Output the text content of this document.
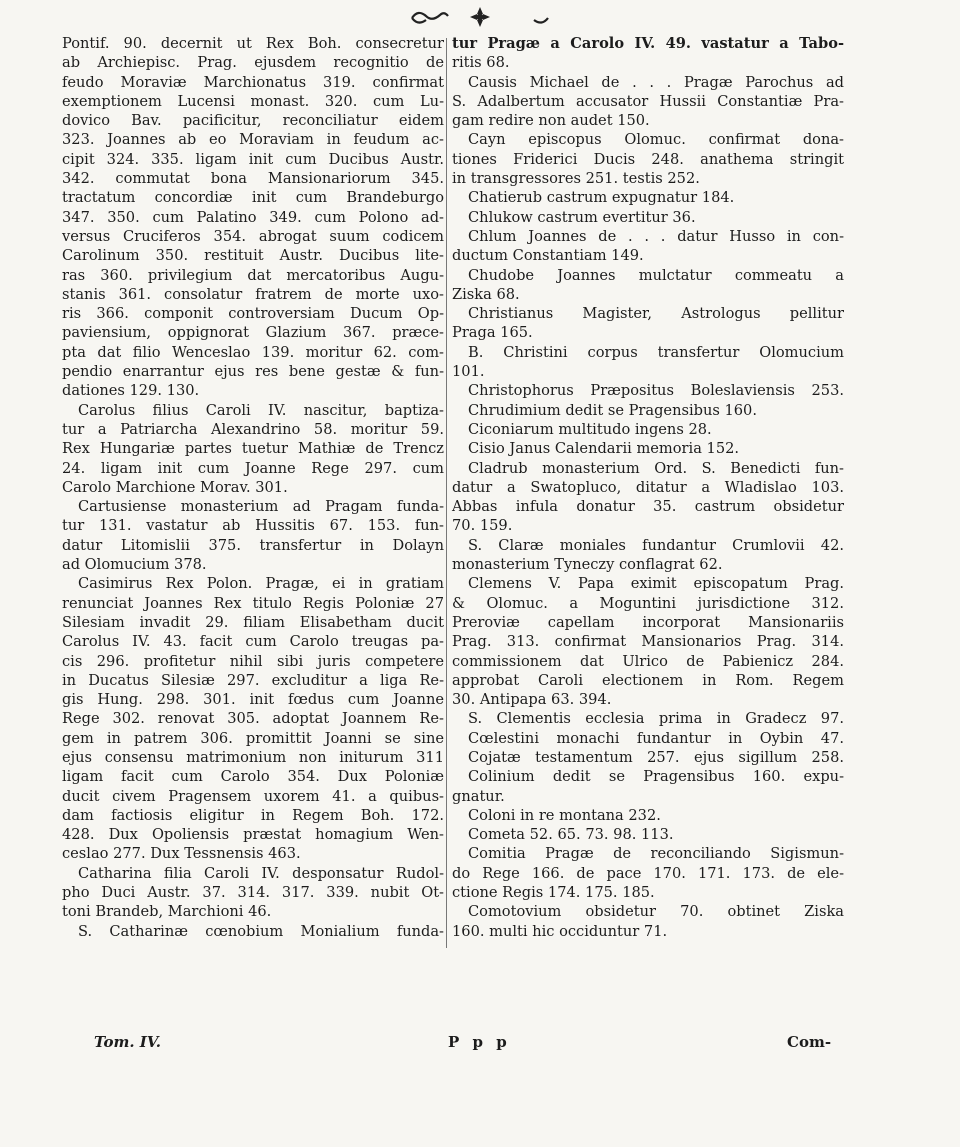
Pontif. 90. decernit ut Rex Boh. consecretur
ab Archiepisc. Prag. ejusdem recognitio de
feudo Moraviæ Marchionatus 319. confirmat
exemptionem Lucensi monast. 320. cum Lu-
dovico Bav. pacificitur, reconciliatur eidem
323. Joannes ab eo Moraviam in feudum ac-
cipit 324. 335. ligam init cum Ducibus Austr.
342. commutat bona Mansionariorum 345.
tractatum concordiæ init cum Brandeburgo
347. 350. cum Palatino 349. cum Polono ad-
versus Cruciferos 354. abrogat suum codicem
Carolinum 350. restituit Austr. Ducibus lite-
ras 360. privilegium dat mercatoribus Augu-
stanis 361. consolatur fratrem de morte uxo-
ris 366. componit controversiam Ducum Op-
paviensium, oppignorat Glazium 367. præce-
pta dat filio Wenceslao 139. moritur 62. com-
pendio enarrantur ejus res bene gestæ & fun-
dationes 129. 130.
Carolus filius Caroli IV. nascitur, baptiza-
tur a Patriarcha Alexandrino 58. moritur 59.
Rex Hungariæ partes tuetur Mathiæ de Trencz
24. ligam init cum Joanne Rege 297. cum
Carolo Marchione Morav. 301.
Cartusiense monasterium ad Pragam funda-
tur 131. vastatur ab Hussitis 67. 153. fun-
datur Litomislii 375. transfertur in Dolayn
ad Olomucium 378.
Casimirus Rex Polon. Pragæ, ei in gratiam
renunciat Joannes Rex titulo Regis Poloniæ 27
Silesiam invadit 29. filiam Elisabetham ducit
Carolus IV. 43. facit cum Carolo treugas pa-
cis 296. profitetur nihil sibi juris competere
in Ducatus Silesiæ 297. excluditur a liga Re-
gis Hung. 298. 301. init fœdus cum Joanne
Rege 302. renovat 305. adoptat Joannem Re-
gem in patrem 306. promittit Joanni se sine
ejus consensu matrimonium non initurum 311
ligam facit cum Carolo 354. Dux Poloniæ
ducit civem Pragensem uxorem 41. a quibus-
dam factiosis eligitur in Regem Boh. 172.
428. Dux Opoliensis præstat homagium Wen-
ceslao 277. Dux Tessnensis 463.
Catharina filia Caroli IV. desponsatur Rudol-
pho Duci Austr. 37. 314. 317. 339. nubit Ot-
toni Brandeb, Marchioni 46.
S. Catharinæ cœnobium Monialium funda-
tur Pragæ a Carolo IV. 49. vastatur a Tabo-
ritis 68.
Causis Michael de . . . Pragæ Parochus ad
S. Adalbertum accusator Hussii Constantiæ Pra-
gam redire non audet 150.
Cayn episcopus Olomuc. confirmat dona-
tiones Friderici Ducis 248. anathema stringit
in transgressores 251. testis 252.
Chatierub castrum expugnatur 184.
Chlukow castrum evertitur 36.
Chlum Joannes de . . . datur Husso in con-
ductum Constantiam 149.
Chudobe Joannes mulctatur commeatu a
Ziska 68.
Christianus Magister, Astrologus pellitur
Praga 165.
B. Christini corpus transfertur Olomucium
101.
Christophorus Præpositus Boleslaviensis 253.
Chrudimium dedit se Pragensibus 160.
Ciconiarum multitudo ingens 28.
Cisio Janus Calendarii memoria 152.
Cladrub monasterium Ord. S. Benedicti fun-
datur a Swatopluco, ditatur a Wladislao 103.
Abbas infula donatur 35. castrum obsidetur
70. 159.
S. Claræ moniales fundantur Crumlovii 42.
monasterium Tyneczy conflagrat 62.
Clemens V. Papa eximit episcopatum Prag.
& Olomuc. a Moguntini jurisdictione 312.
Preroviæ capellam incorporat Mansionariis
Prag. 313. confirmat Mansionarios Prag. 314.
commissionem dat Ulrico de Pabienicz 284.
approbat Caroli electionem in Rom. Regem
30. Antipapa 63. 394.
S. Clementis ecclesia prima in Gradecz 97.
Cœlestini monachi fundantur in Oybin 47.
Cojatæ testamentum 257. ejus sigillum 258.
Colinium dedit se Pragensibus 160. expu-
gnatur.
Coloni in re montana 232.
Cometa 52. 65. 73. 98. 113.
Comitia Pragæ de reconciliando Sigismun-
do Rege 166. de pace 170. 171. 173. de ele-
ctione Regis 174. 175. 185.
Comotovium obsidetur 70. obtinet Ziska
160. multi hic occiduntur 71.
Tom. IV.	P p p	Com-
